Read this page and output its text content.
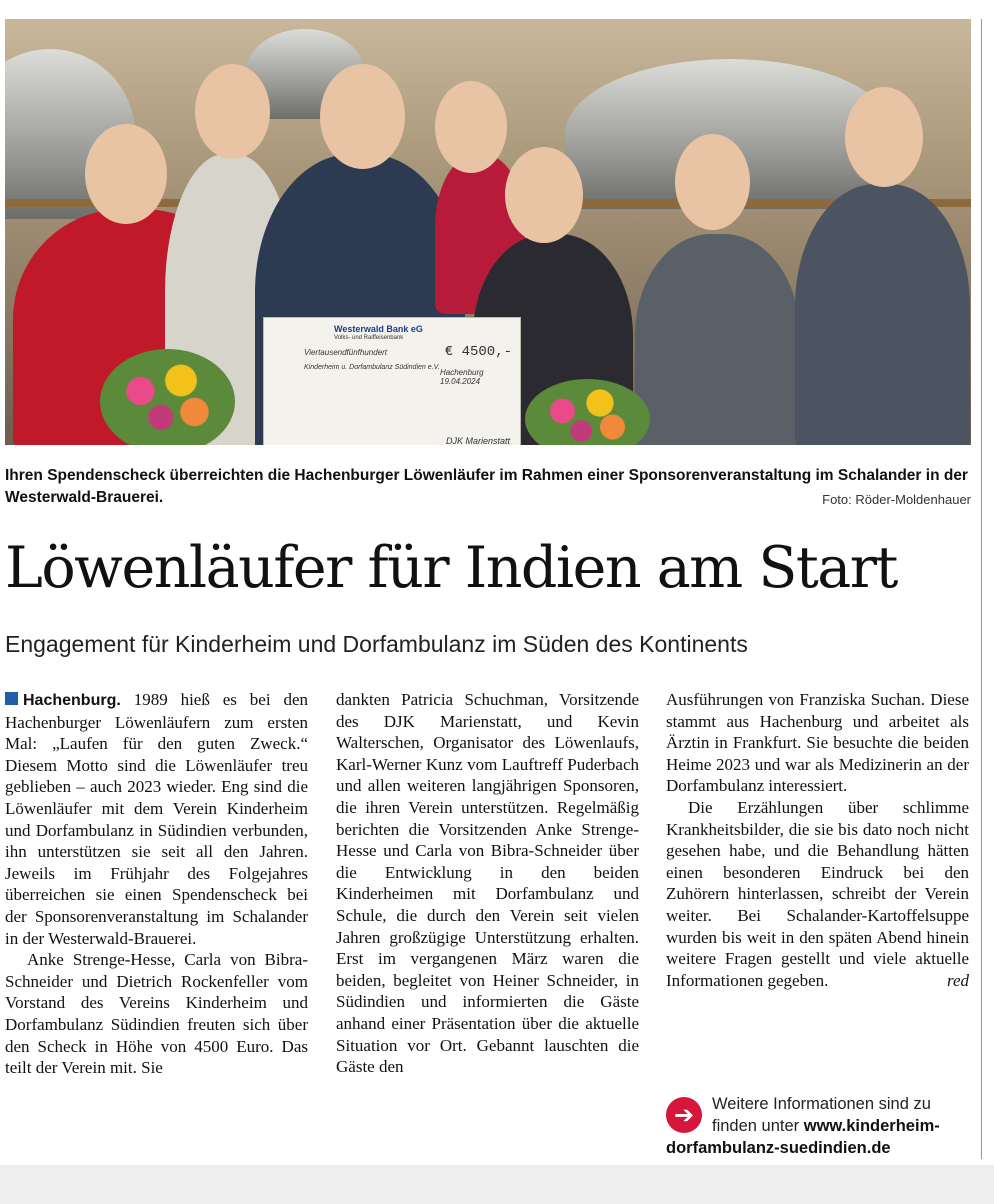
Westerwald Bank eG
Volks- und Raiffeisenbank
Viertausendfünfhundert	€ 4500,-
Kinderheim u. Dorfambulanz Südindien e.V.
Hachenburg 19.04.2024
DJK Marienstatt
Ihren Spendenscheck überreichten die Hachenburger Löwenläufer im Rahmen einer Sponsorenveranstaltung im Schalander in der Westerwald-Brauerei.	Foto: Röder-Moldenhauer
Löwenläufer für Indien am Start
Engagement für Kinderheim und Dorfambulanz im Süden des Kontinents

Hachenburg. 1989 hieß es bei den Hachenburger Löwenläufern zum ersten Mal: „Laufen für den guten Zweck.“ Diesem Motto sind die Löwenläufer treu geblieben – auch 2023 wieder. Eng sind die Löwenläufer mit dem Verein Kinderheim und Dorfambulanz in Südindien verbunden, ihn unterstützen sie seit all den Jahren. Jeweils im Frühjahr des Folgejahres überreichen sie einen Spendenscheck bei der Sponsorenveranstaltung im Schalander in der Westerwald-Brauerei.

Anke Strenge-Hesse, Carla von Bibra-Schneider und Dietrich Rockenfeller vom Vorstand des Vereins Kinderheim und Dorfambulanz Südindien freuten sich über den Scheck in Höhe von 4500 Euro. Das teilt der Verein mit. Sie

dankten Patricia Schuchman, Vorsitzende des DJK Marienstatt, und Kevin Walterschen, Organisator des Löwenlaufs, Karl-Werner Kunz vom Lauftreff Puderbach und allen weiteren langjährigen Sponsoren, die ihren Verein unterstützen. Regelmäßig berichten die Vorsitzenden Anke Strenge-Hesse und Carla von Bibra-Schneider über die Entwicklung in den beiden Kinderheimen mit Dorfambulanz und Schule, die durch den Verein seit vielen Jahren großzügige Unterstützung erhalten. Erst im vergangenen März waren die beiden, begleitet von Heiner Schneider, in Südindien und informierten die Gäste anhand einer Präsentation über die aktuelle Situation vor Ort. Gebannt lauschten die Gäste den

Ausführungen von Franziska Suchan. Diese stammt aus Hachenburg und arbeitet als Ärztin in Frankfurt. Sie besuchte die beiden Heime 2023 und war als Medizinerin an der Dorfambulanz interessiert.

Die Erzählungen über schlimme Krankheitsbilder, die sie bis dato noch nicht gesehen habe, und die Behandlung hätten einen besonderen Eindruck bei den Zuhörern hinterlassen, schreibt der Verein weiter. Bei Schalander-Kartoffelsuppe wurden bis weit in den späten Abend hinein weitere Fragen gestellt und viele aktuelle Informationen gegeben.	red

➔	Weitere Informationen sind zu
finden unter www.kinderheim-
dorfambulanz-suedindien.de
